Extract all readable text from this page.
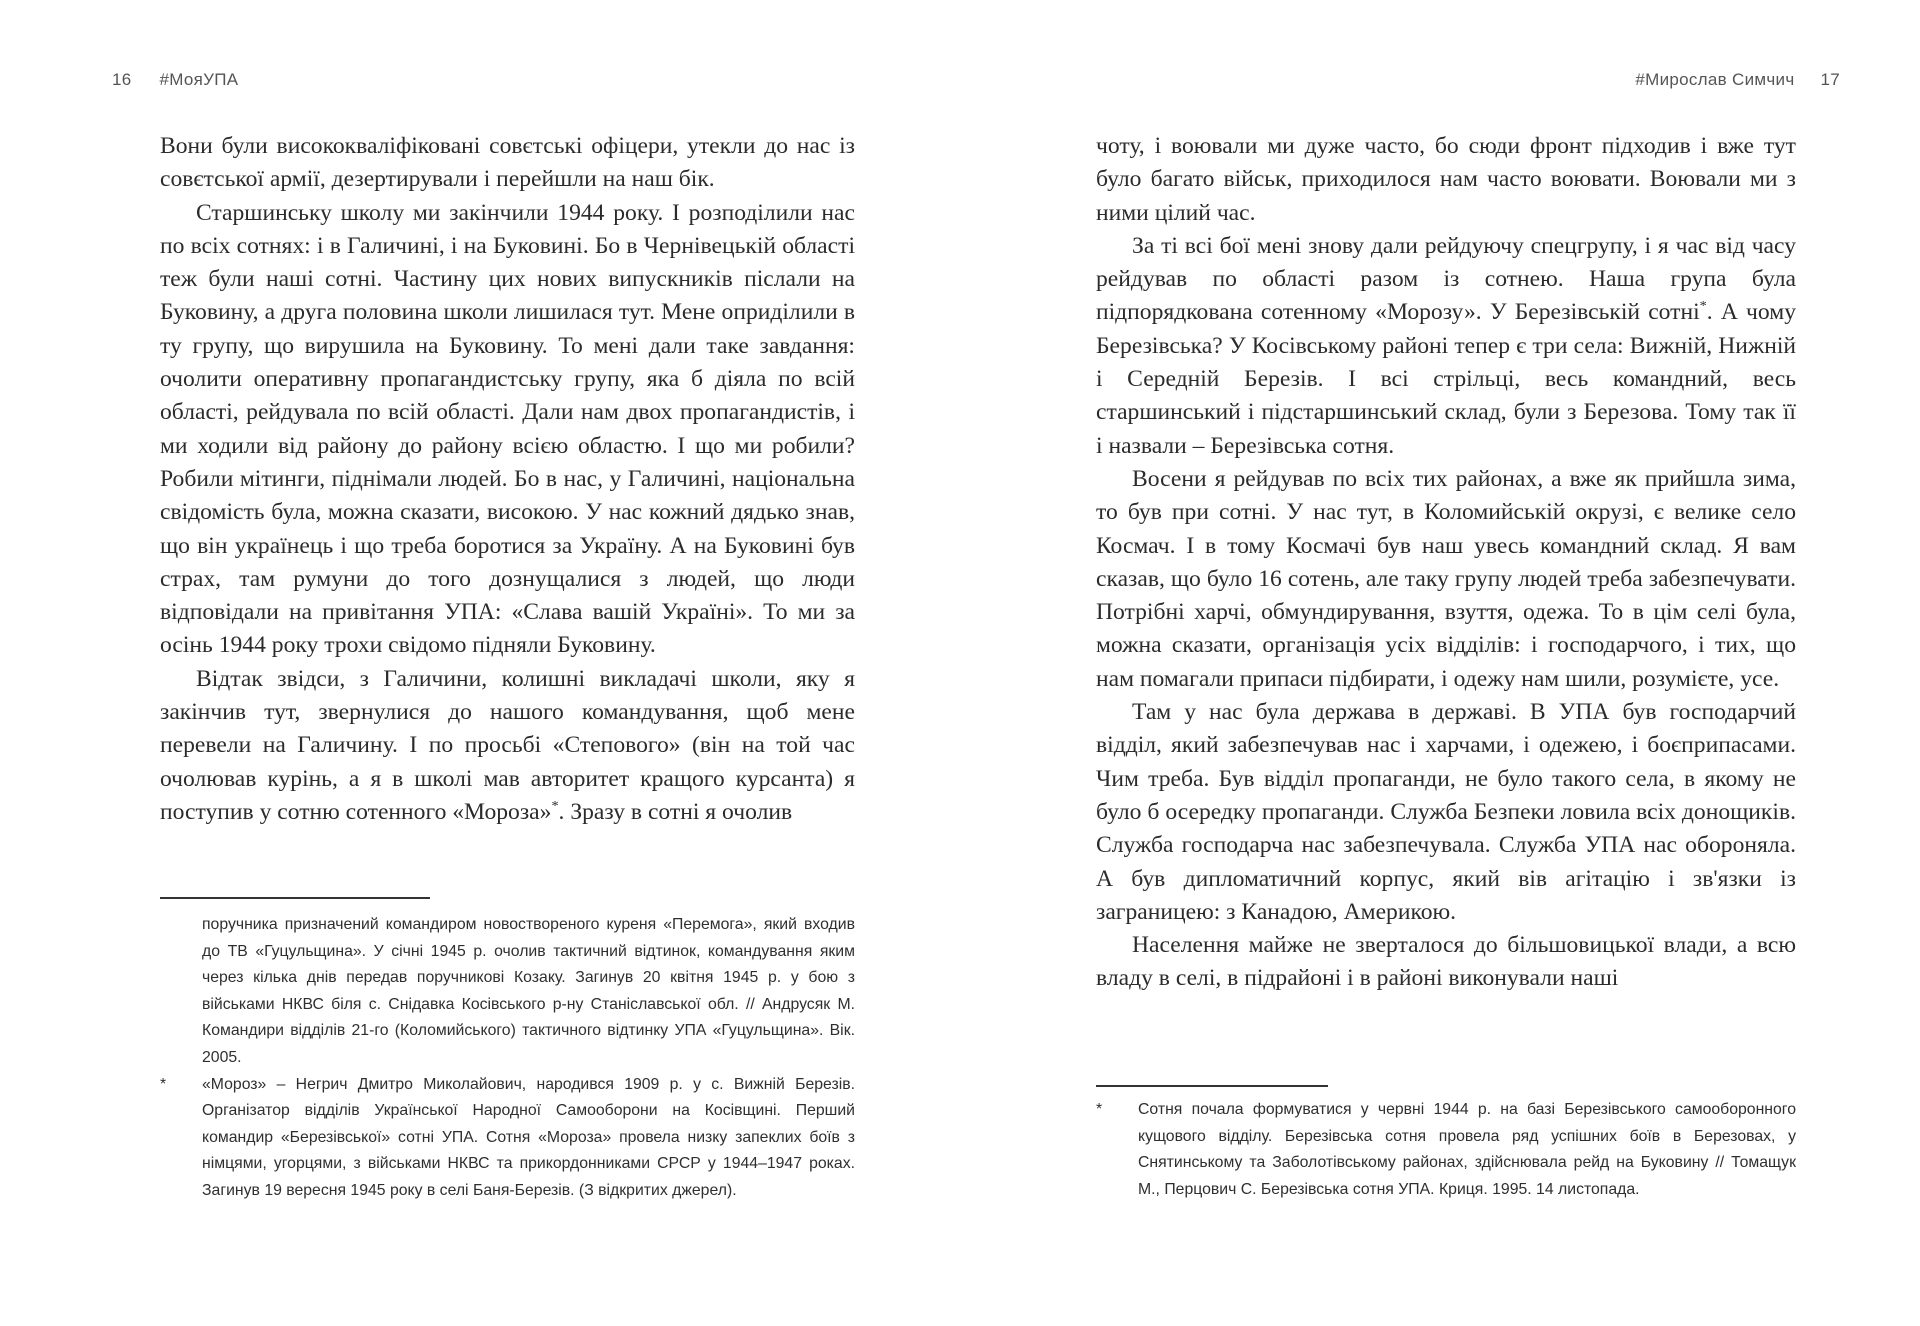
16 #МояУПА

Вони були висококваліфіковані совєтські офіцери, утекли до нас із совєтської армії, дезертирували і перейшли на наш бік.

Старшинську школу ми закінчили 1944 року. І розподілили нас по всіх сотнях: і в Галичині, і на Буковині. Бо в Чернівецькій області теж були наші сотні. Частину цих нових випускників післали на Буковину, а друга половина школи лишилася тут. Мене опридiлили в ту групу, що вирушила на Буковину. То мені дали таке завдання: очолити оперативну пропагандистську групу, яка б діяла по всій області, рейдувала по всій області. Дали нам двох пропагандистів, і ми ходили від району до району всією областю. І що ми робили? Робили мітинги, піднімали людей. Бо в нас, у Галичині, національна свідомість була, можна сказати, високою. У нас кожний дядько знав, що він українець і що треба боротися за Україну. А на Буковині був страх, там румуни до того дознущалися з людей, що люди відповідали на привітання УПА: «Слава вашій Україні». То ми за осінь 1944 року трохи свідомо підняли Буковину.

Відтак звідси, з Галичини, колишні викладачі школи, яку я закінчив тут, звернулися до нашого командування, щоб мене перевели на Галичину. І по просьбі «Степового» (він на той час очолював курінь, а я в школі мав авторитет кращого курсанта) я поступив у сотню сотенного «Мороза»*. Зразу в сотні я очолив

поручника призначений командиром новоствореного куреня «Перемога», який входив до ТВ «Гуцульщина». У січні 1945 р. очолив тактичний відтинок, командування яким через кілька днів передав поручникові Козаку. Загинув 20 квітня 1945 р. у бою з військами НКВС біля с. Снідавка Косівського р-ну Станіславської обл. // Андрусяк М. Командири відділів 21-го (Коломийського) тактичного відтинку УПА «Гуцульщина». Вік. 2005.

* «Мороз» – Негрич Дмитро Миколайович, народився 1909 р. у с. Вижній Березів. Організатор відділів Української Народної Самооборони на Косівщині. Перший командир «Березівської» сотні УПА. Сотня «Мороза» провела низку запеклих боїв з німцями, угорцями, з військами НКВС та прикордонниками СРСР у 1944–1947 роках. Загинув 19 вересня 1945 року в селі Баня-Березів. (З відкритих джерел).

#Мирослав Симчич 17

чоту, і воювали ми дуже часто, бо сюди фронт підходив і вже тут було багато військ, приходилося нам часто воювати. Воювали ми з ними цілий час.

За ті всі бої мені знову дали рейдуючу спецгрупу, і я час від часу рейдував по області разом із сотнею. Наша група була підпорядкована сотенному «Морозу». У Березівській сотні*. А чому Березівська? У Косівському районі тепер є три села: Вижній, Нижній і Середній Березів. І всі стрільці, весь командний, весь старшинський і підстаршинський склад, були з Березова. Тому так її і назвали – Березівська сотня.

Восени я рейдував по всіх тих районах, а вже як прийшла зима, то був при сотні. У нас тут, в Коломийській окрузі, є велике село Космач. І в тому Космачі був наш увесь командний склад. Я вам сказав, що було 16 сотень, але таку групу людей треба забезпечувати. Потрібні харчі, обмундирування, взуття, одежа. То в цім селі була, можна сказати, організація усіх відділів: і господарчого, і тих, що нам помагали припаси підбирати, і одежу нам шили, розумієте, усе.

Там у нас була держава в державі. В УПА був господарчий відділ, який забезпечував нас і харчами, і одежею, і боєприпасами. Чим треба. Був відділ пропаганди, не було такого села, в якому не було б осередку пропаганди. Служба Безпеки ловила всіх донощиків. Служба господарча нас забезпечувала. Служба УПА нас обороняла. А був дипломатичний корпус, який вів агітацію і зв'язки із заграницею: з Канадою, Америкою.

Населення майже не зверталося до більшовицької влади, а всю владу в селі, в підрайоні і в районі виконували наші

* Сотня почала формуватися у червні 1944 р. на базі Березівського самооборонного кущового відділу. Березівська сотня провела ряд успішних боїв в Березовах, у Снятинському та Заболотівському районах, здійснювала рейд на Буковину // Томащук М., Перцович С. Березівська сотня УПА. Криця. 1995. 14 листопада.
